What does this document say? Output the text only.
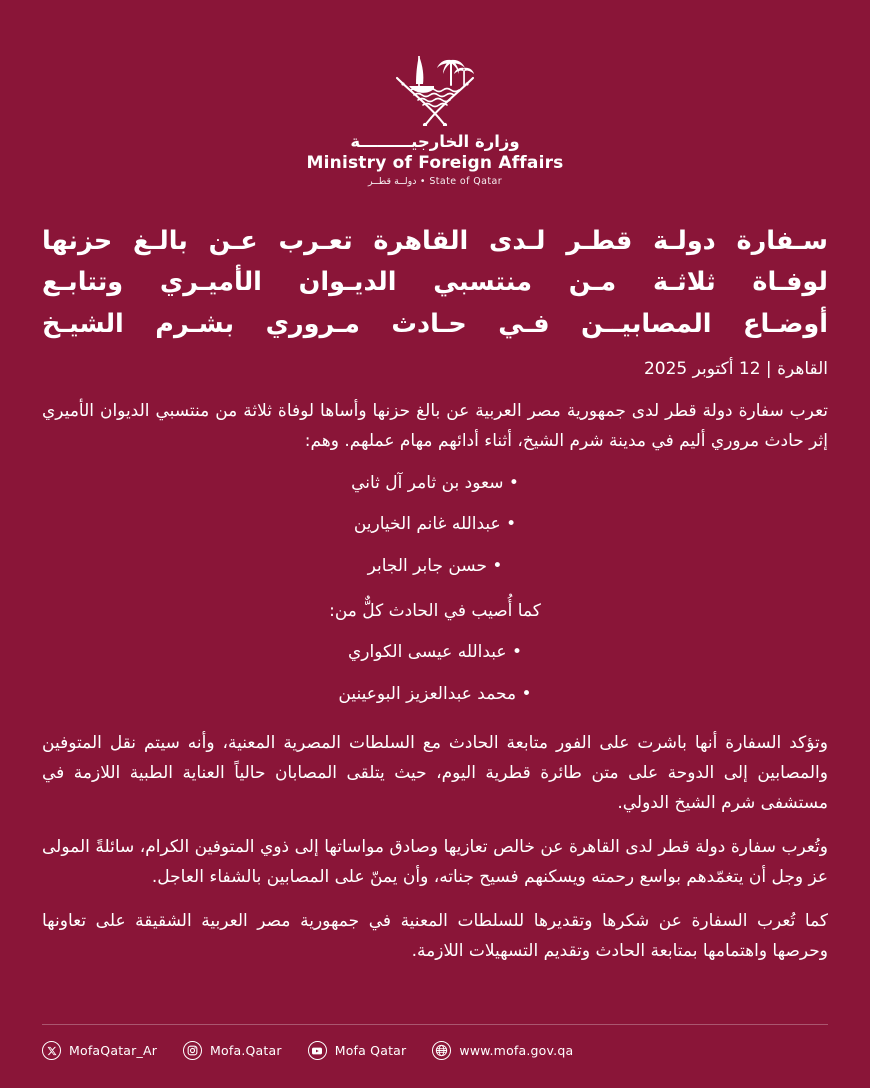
وزارة الخارجيـــــــــة
Ministry of Foreign Affairs
State of Qatar • دولــة قطــر
سـفارة دولـة قطـر لـدى القاهرة تعـرب عـن بالـغ حزنها
لوفـاة ثلاثـة مـن منتسبي الديـوان الأميـري وتتابـع
أوضـاع المصابيــن فـي حـادث مـروري بشـرم الشيـخ
القاهرة | 12 أكتوبر 2025

تعرب سفارة دولة قطر لدى جمهورية مصر العربية عن بالغ حزنها وأساها لوفاة ثلاثة من منتسبي الديوان الأميري إثر حادث مروري أليم في مدينة شرم الشيخ، أثناء أدائهم مهام عملهم. وهم:

• سعود بن ثامر آل ثاني
• عبدالله غانم الخيارين
• حسن جابر الجابر
كما أُصيب في الحادث كلٌّ من:
• عبدالله عيسى الكواري
• محمد عبدالعزيز البوعينين

وتؤكد السفارة أنها باشرت على الفور متابعة الحادث مع السلطات المصرية المعنية، وأنه سيتم نقل المتوفين والمصابين إلى الدوحة على متن طائرة قطرية اليوم، حيث يتلقى المصابان حالياً العناية الطبية اللازمة في مستشفى شرم الشيخ الدولي.

وتُعرب سفارة دولة قطر لدى القاهرة عن خالص تعازيها وصادق مواساتها إلى ذوي المتوفين الكرام، سائلةً المولى عز وجل أن يتغمّدهم بواسع رحمته ويسكنهم فسيح جناته، وأن يمنّ على المصابين بالشفاء العاجل.

كما تُعرب السفارة عن شكرها وتقديرها للسلطات المعنية في جمهورية مصر العربية الشقيقة على تعاونها وحرصها واهتمامها بمتابعة الحادث وتقديم التسهيلات اللازمة.

MofaQatar_Ar	Mofa.Qatar	Mofa Qatar	www.mofa.gov.qa
